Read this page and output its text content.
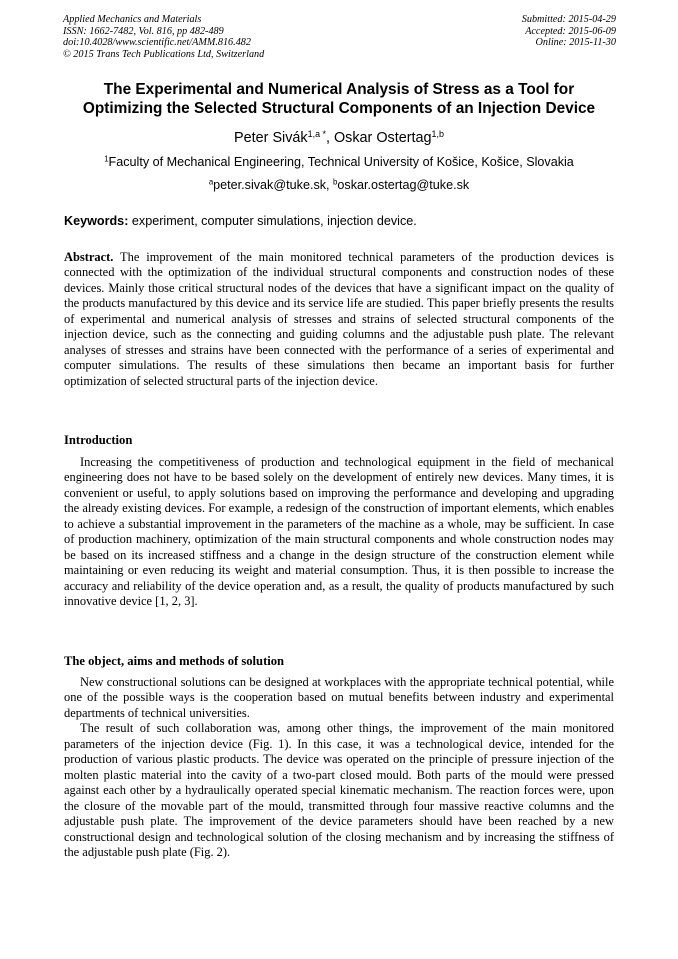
Applied Mechanics and Materials
ISSN: 1662-7482, Vol. 816, pp 482-489
doi:10.4028/www.scientific.net/AMM.816.482
© 2015 Trans Tech Publications Ltd, Switzerland
Submitted: 2015-04-29
Accepted: 2015-06-09
Online: 2015-11-30
The Experimental and Numerical Analysis of Stress as a Tool for
Optimizing the Selected Structural Components of an Injection Device
Peter Sivák$^{1,a *}$, Oskar Ostertag$^{1,b}$
$^1$Faculty of Mechanical Engineering, Technical University of Košice, Košice, Slovakia
$^a$peter.sivak@tuke.sk, $^b$oskar.ostertag@tuke.sk
Keywords: experiment, computer simulations, injection device.

Abstract. The improvement of the main monitored technical parameters of the production devices is connected with the optimization of the individual structural components and construction nodes of these devices. Mainly those critical structural nodes of the devices that have a significant impact on the quality of the products manufactured by this device and its service life are studied. This paper briefly presents the results of experimental and numerical analysis of stresses and strains of selected structural components of the injection device, such as the connecting and guiding columns and the adjustable push plate. The relevant analyses of stresses and strains have been connected with the performance of a series of experimental and computer simulations. The results of these simulations then became an important basis for further optimization of selected structural parts of the injection device.

Introduction

Increasing the competitiveness of production and technological equipment in the field of mechanical engineering does not have to be based solely on the development of entirely new devices. Many times, it is convenient or useful, to apply solutions based on improving the performance and developing and upgrading the already existing devices. For example, a redesign of the construction of important elements, which enables to achieve a substantial improvement in the parameters of the machine as a whole, may be sufficient. In case of production machinery, optimization of the main structural components and whole construction nodes may be based on its increased stiffness and a change in the design structure of the construction element while maintaining or even reducing its weight and material consumption. Thus, it is then possible to increase the accuracy and reliability of the device operation and, as a result, the quality of products manufactured by such innovative device [1, 2, 3].

The object, aims and methods of solution

New constructional solutions can be designed at workplaces with the appropriate technical potential, while one of the possible ways is the cooperation based on mutual benefits between industry and experimental departments of technical universities.

The result of such collaboration was, among other things, the improvement of the main monitored parameters of the injection device (Fig. 1). In this case, it was a technological device, intended for the production of various plastic products. The device was operated on the principle of pressure injection of the molten plastic material into the cavity of a two-part closed mould. Both parts of the mould were pressed against each other by a hydraulically operated special kinematic mechanism. The reaction forces were, upon the closure of the movable part of the mould, transmitted through four massive reactive columns and the adjustable push plate. The improvement of the device parameters should have been reached by a new constructional design and technological solution of the closing mechanism and by increasing the stiffness of the adjustable push plate (Fig. 2).
